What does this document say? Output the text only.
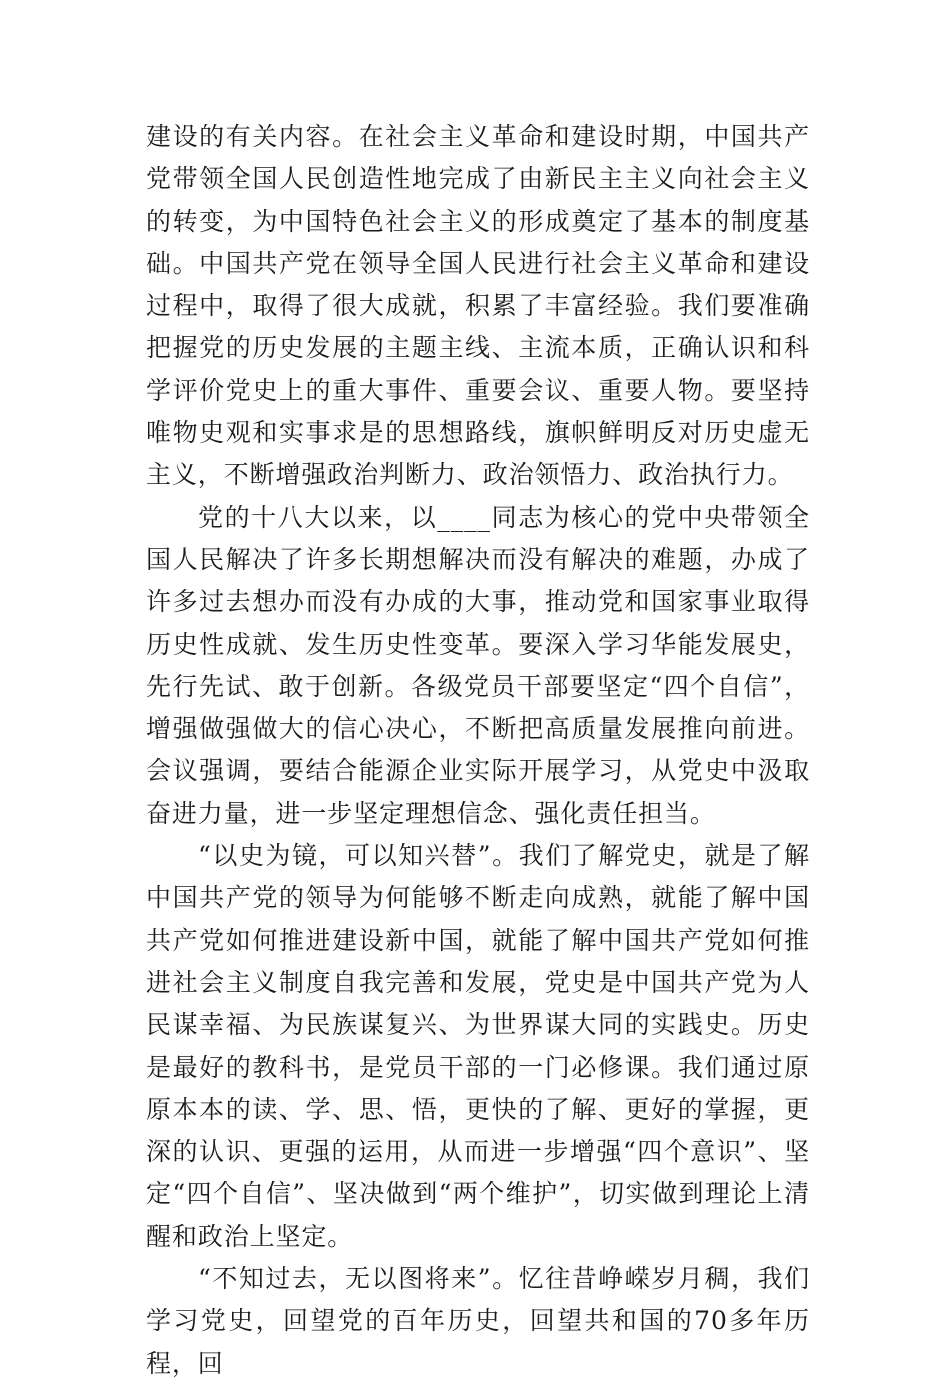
建设的有关内容。在社会主义革命和建设时期，中国共产党带领全国人民创造性地完成了由新民主主义向社会主义的转变，为中国特色社会主义的形成奠定了基本的制度基础。中国共产党在领导全国人民进行社会主义革命和建设过程中，取得了很大成就，积累了丰富经验。我们要准确把握党的历史发展的主题主线、主流本质，正确认识和科学评价党史上的重大事件、重要会议、重要人物。要坚持唯物史观和实事求是的思想路线，旗帜鲜明反对历史虚无主义，不断增强政治判断力、政治领悟力、政治执行力。

党的十八大以来，以____同志为核心的党中央带领全国人民解决了许多长期想解决而没有解决的难题，办成了许多过去想办而没有办成的大事，推动党和国家事业取得历史性成就、发生历史性变革。要深入学习华能发展史，先行先试、敢于创新。各级党员干部要坚定“四个自信”，增强做强做大的信心决心，不断把高质量发展推向前进。会议强调，要结合能源企业实际开展学习，从党史中汲取奋进力量，进一步坚定理想信念、强化责任担当。

“以史为镜，可以知兴替”。我们了解党史，就是了解中国共产党的领导为何能够不断走向成熟，就能了解中国共产党如何推进建设新中国，就能了解中国共产党如何推进社会主义制度自我完善和发展，党史是中国共产党为人民谋幸福、为民族谋复兴、为世界谋大同的实践史。历史是最好的教科书，是党员干部的一门必修课。我们通过原原本本的读、学、思、悟，更快的了解、更好的掌握，更深的认识、更强的运用，从而进一步增强“四个意识”、坚定“四个自信”、坚决做到“两个维护”，切实做到理论上清醒和政治上坚定。

“不知过去，无以图将来”。忆往昔峥嵘岁月稠，我们学习党史，回望党的百年历史，回望共和国的70多年历程，回
